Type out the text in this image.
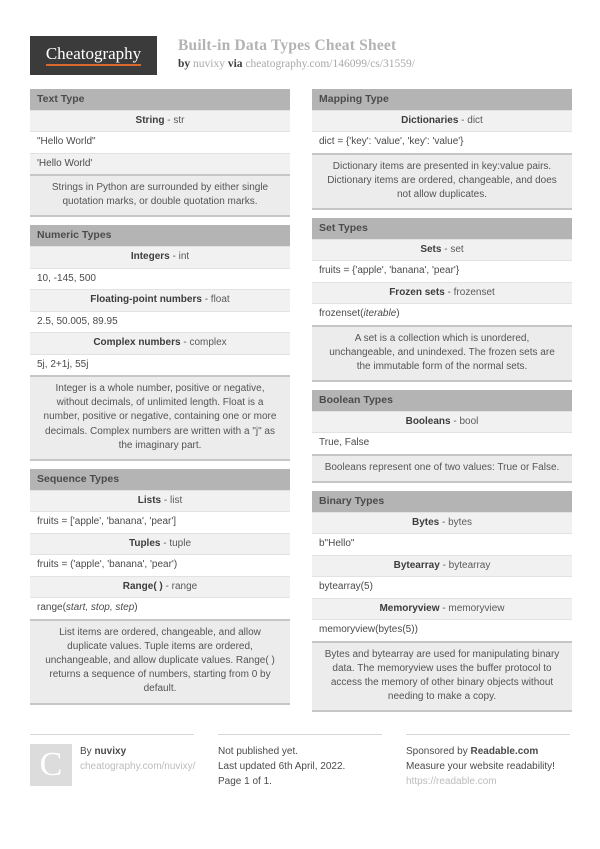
Cheatography Built-in Data Types Cheat Sheet
by nuvixy via cheatography.com/146099/cs/31559/
Text Type
String - str
"Hello World"
'Hello World'
Strings in Python are surrounded by either single quotation marks, or double quotation marks.
Numeric Types
Integers - int
10, -145, 500
Floating-point numbers - float
2.5, 50.005, 89.95
Complex numbers - complex
5j, 2+1j, 55j
Integer is a whole number, positive or negative, without decimals, of unlimited length. Float is a number, positive or negative, containing one or more decimals. Complex numbers are written with a "j" as the imaginary part.
Sequence Types
Lists - list
fruits = ['apple', 'banana', 'pear']
Tuples - tuple
fruits = ('apple', 'banana', 'pear')
Range( ) - range
range(start, stop, step)
List items are ordered, changeable, and allow duplicate values. Tuple items are ordered, unchangeable, and allow duplicate values. Range( ) returns a sequence of numbers, starting from 0 by default.
Mapping Type
Dictionaries - dict
dict = {'key': 'value', 'key': 'value'}
Dictionary items are presented in key:value pairs. Dictionary items are ordered, changeable, and does not allow duplicates.
Set Types
Sets - set
fruits = {'apple', 'banana', 'pear'}
Frozen sets - frozenset
frozenset(iterable)
A set is a collection which is unordered, unchangeable, and unindexed. The frozen sets are the immutable form of the normal sets.
Boolean Types
Booleans - bool
True, False
Booleans represent one of two values: True or False.
Binary Types
Bytes - bytes
b"Hello"
Bytearray - bytearray
bytearray(5)
Memoryview - memoryview
memoryview(bytes(5))
Bytes and bytearray are used for manipulating binary data. The memoryview uses the buffer protocol to access the memory of other binary objects without needing to make a copy.
C By nuvixy
cheatography.com/nuvixy/
Not published yet.
Last updated 6th April, 2022.
Page 1 of 1.
Sponsored by Readable.com
Measure your website readability!
https://readable.com
